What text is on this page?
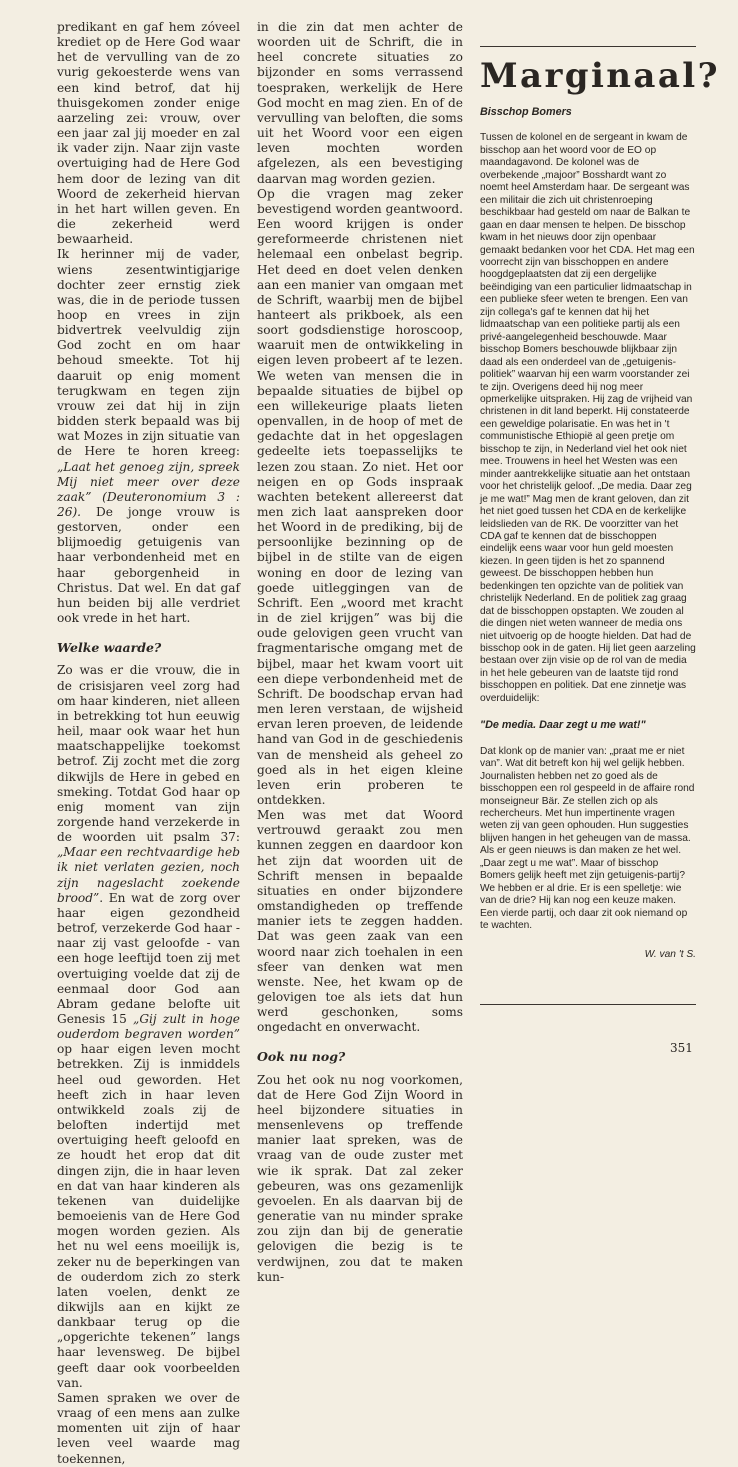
predikant en gaf hem zóveel krediet op de Here God waar het de vervulling van de zo vurig gekoesterde wens van een kind betrof, dat hij thuisgekomen zonder enige aarzeling zei: vrouw, over een jaar zal jij moeder en zal ik vader zijn. Naar zijn vaste overtuiging had de Here God hem door de lezing van dit Woord de zekerheid hiervan in het hart willen geven. En die zekerheid werd bewaarheid.

Ik herinner mij de vader, wiens zesentwintigjarige dochter zeer ernstig ziek was, die in de periode tussen hoop en vrees in zijn bidvertrek veelvuldig zijn God zocht en om haar behoud smeekte. Tot hij daaruit op enig moment terugkwam en tegen zijn vrouw zei dat hij in zijn bidden sterk bepaald was bij wat Mozes in zijn situatie van de Here te horen kreeg: „Laat het genoeg zijn, spreek Mij niet meer over deze zaak” (Deuteronomium 3 : 26). De jonge vrouw is gestorven, onder een blijmoedig getuigenis van haar verbondenheid met en haar geborgenheid in Christus. Dat wel. En dat gaf hun beiden bij alle verdriet ook vrede in het hart.

Welke waarde?

Zo was er die vrouw, die in de crisisjaren veel zorg had om haar kinderen, niet alleen in betrekking tot hun eeuwig heil, maar ook waar het hun maatschappelijke toekomst betrof. Zij zocht met die zorg dikwijls de Here in gebed en smeking. Totdat God haar op enig moment van zijn zorgende hand verzekerde in de woorden uit psalm 37: „Maar een rechtvaardige heb ik niet verlaten gezien, noch zijn nageslacht zoekende brood”. En wat de zorg over haar eigen gezondheid betrof, verzekerde God haar - naar zij vast geloofde - van een hoge leeftijd toen zij met overtuiging voelde dat zij de eenmaal door God aan Abram gedane belofte uit Genesis 15 „Gij zult in hoge ouderdom begraven worden” op haar eigen leven mocht betrekken. Zij is inmiddels heel oud geworden. Het heeft zich in haar leven ontwikkeld zoals zij de beloften indertijd met overtuiging heeft geloofd en ze houdt het erop dat dit dingen zijn, die in haar leven en dat van haar kinderen als tekenen van duidelijke bemoeienis van de Here God mogen worden gezien. Als het nu wel eens moeilijk is, zeker nu de beperkingen van de ouderdom zich zo sterk laten voelen, denkt ze dikwijls aan en kijkt ze dankbaar terug op die „opgerichte tekenen” langs haar levensweg. De bijbel geeft daar ook voorbeelden van.

Samen spraken we over de vraag of een mens aan zulke momenten uit zijn of haar leven veel waarde mag toekennen,

in die zin dat men achter de woorden uit de Schrift, die in heel concrete situaties zo bijzonder en soms verrassend toespraken, werkelijk de Here God mocht en mag zien. En of de vervulling van beloften, die soms uit het Woord voor een eigen leven mochten worden afgelezen, als een bevestiging daarvan mag worden gezien.

Op die vragen mag zeker bevestigend worden geantwoord. Een woord krijgen is onder gereformeerde christenen niet helemaal een onbelast begrip. Het deed en doet velen denken aan een manier van omgaan met de Schrift, waarbij men de bijbel hanteert als prikboek, als een soort godsdienstige horoscoop, waaruit men de ontwikkeling in eigen leven probeert af te lezen. We weten van mensen die in bepaalde situaties de bijbel op een willekeurige plaats lieten openvallen, in de hoop of met de gedachte dat in het opgeslagen gedeelte iets toepasselijks te lezen zou staan. Zo niet. Het oor neigen en op Gods inspraak wachten betekent allereerst dat men zich laat aanspreken door het Woord in de prediking, bij de persoonlijke bezinning op de bijbel in de stilte van de eigen woning en door de lezing van goede uitleggingen van de Schrift. Een „woord met kracht in de ziel krijgen” was bij die oude gelovigen geen vrucht van fragmentarische omgang met de bijbel, maar het kwam voort uit een diepe verbondenheid met de Schrift. De boodschap ervan had men leren verstaan, de wijsheid ervan leren proeven, de leidende hand van God in de geschiedenis van de mensheid als geheel zo goed als in het eigen kleine leven erin proberen te ontdekken.

Men was met dat Woord vertrouwd geraakt zou men kunnen zeggen en daardoor kon het zijn dat woorden uit de Schrift mensen in bepaalde situaties en onder bijzondere omstandigheden op treffende manier iets te zeggen hadden. Dat was geen zaak van een woord naar zich toehalen in een sfeer van denken wat men wenste. Nee, het kwam op de gelovigen toe als iets dat hun werd geschonken, soms ongedacht en onverwacht.

Ook nu nog?

Zou het ook nu nog voorkomen, dat de Here God Zijn Woord in heel bijzondere situaties in mensenlevens op treffende manier laat spreken, was de vraag van de oude zuster met wie ik sprak. Dat zal zeker gebeuren, was ons gezamenlijk gevoelen. En als daarvan bij de generatie van nu minder sprake zou zijn dan bij de generatie gelovigen die bezig is te verdwijnen, zou dat te maken kun-

Marginaal?
Bisschop Bomers

Tussen de kolonel en de sergeant in kwam de bisschop aan het woord voor de EO op maandagavond. De kolonel was de overbekende „majoor” Bosshardt want zo noemt heel Amsterdam haar. De sergeant was een militair die zich uit christenroeping beschikbaar had gesteld om naar de Balkan te gaan en daar mensen te helpen. De bisschop kwam in het nieuws door zijn openbaar gemaakt bedanken voor het CDA. Het mag een voorrecht zijn van bisschoppen en andere hoogdgeplaatsten dat zij een dergelijke beëindiging van een particulier lidmaatschap in een publieke sfeer weten te brengen. Een van zijn collega's gaf te kennen dat hij het lidmaatschap van een politieke partij als een privé-aangelegenheid beschouwde. Maar bisschop Bomers beschouwde blijkbaar zijn daad als een onderdeel van de „getuigenis-politiek” waarvan hij een warm voorstander zei te zijn. Overigens deed hij nog meer opmerkelijke uitspraken. Hij zag de vrijheid van christenen in dit land beperkt. Hij constateerde een geweldige polarisatie. En was het in 't communistische Ethiopië al geen pretje om bisschop te zijn, in Nederland viel het ook niet mee. Trouwens in heel het Westen was een minder aantrekkelijke situatie aan het ontstaan voor het christelijk geloof. „De media. Daar zeg je me wat!” Mag men de krant geloven, dan zit het niet goed tussen het CDA en de kerkelijke leidslieden van de RK. De voorzitter van het CDA gaf te kennen dat de bisschoppen eindelijk eens waar voor hun geld moesten kiezen. In geen tijden is het zo spannend geweest. De bisschoppen hebben hun bedenkingen ten opzichte van de politiek van christelijk Nederland. En de politiek zag graag dat de bisschoppen opstapten. We zouden al die dingen niet weten wanneer de media ons niet uitvoerig op de hoogte hielden. Dat had de bisschop ook in de gaten. Hij liet geen aarzeling bestaan over zijn visie op de rol van de media in het hele gebeuren van de laatste tijd rond bisschoppen en politiek. Dat ene zinnetje was overduidelijk:

"De media. Daar zegt u me wat!"

Dat klonk op de manier van: „praat me er niet van”. Wat dit betreft kon hij wel gelijk hebben. Journalisten hebben net zo goed als de bisschoppen een rol gespeeld in de affaire rond monseigneur Bär. Ze stellen zich op als rechercheurs. Met hun impertinente vragen weten zij van geen ophouden. Hun suggesties blijven hangen in het geheugen van de massa. Als er geen nieuws is dan maken ze het wel. „Daar zegt u me wat”. Maar of bisschop Bomers gelijk heeft met zijn getuigenis-partij? We hebben er al drie. Er is een spelletje: wie van de drie? Hij kan nog een keuze maken. Een vierde partij, och daar zit ook niemand op te wachten.

W. van 't S.
351
